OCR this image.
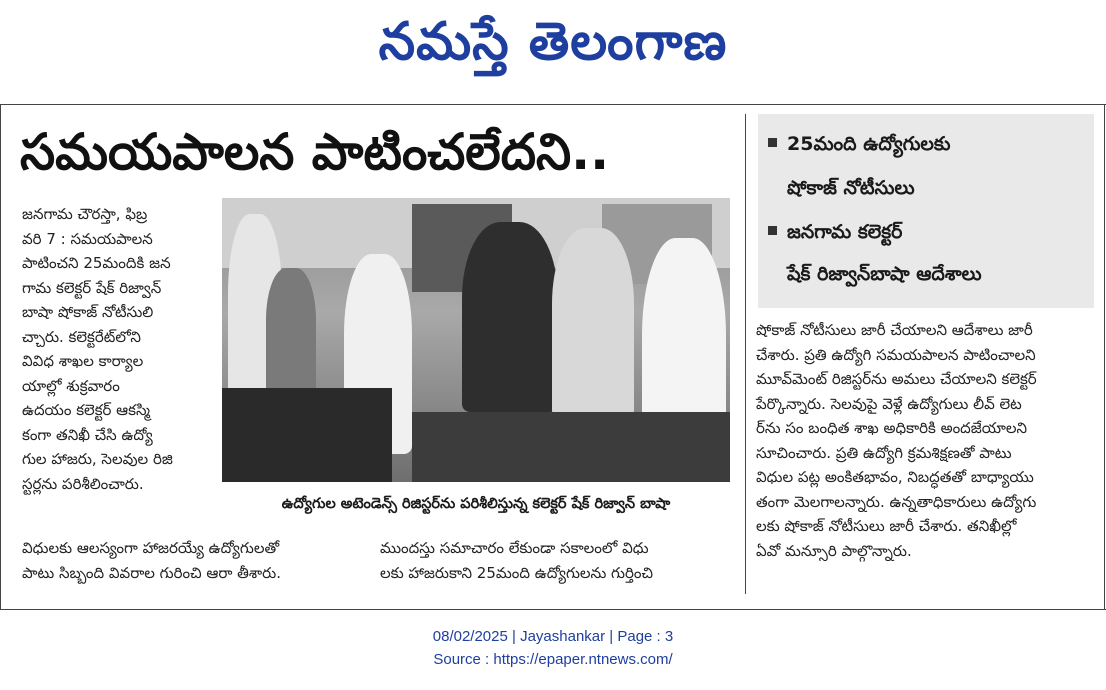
నమస్తే తెలంగాణ
సమయపాలన పాటించలేదని..	25మంది ఉద్యోగులకు
షోకాజ్ నోటీసులు
జనగామ కలెక్టర్
షేక్ రిజ్వాన్‌బాషా ఆదేశాలు

జనగామ చౌరస్తా, ఫిబ్ర

వరి 7 : సమయపాలన

పాటించని 25మందికి జన

గామ కలెక్టర్ షేక్ రిజ్వాన్

బాషా షోకాజ్ నోటీసులి

చ్చారు. కలెక్టరేట్‌లోని

వివిధ శాఖల కార్యాల

యాల్లో శుక్రవారం

ఉదయం కలెక్టర్ ఆకస్మి

కంగా తనిఖీ చేసి ఉద్యో

గుల హాజరు, సెలవుల రిజి

స్టర్లను పరిశీలించారు.

విధులకు ఆలస్యంగా హాజరయ్యే ఉద్యోగులతో

పాటు సిబ్బంది వివరాల గురించి ఆరా తీశారు.

ముందస్తు సమాచారం లేకుండా సకాలంలో విధు

లకు హాజరుకాని 25మంది ఉద్యోగులను గుర్తించి

షోకాజ్ నోటీసులు జారీ చేయాలని ఆదేశాలు జారీ

చేశారు. ప్రతి ఉద్యోగి సమయపాలన పాటించాలని

మూవ్‌మెంట్ రిజిస్టర్‌ను అమలు చేయాలని కలెక్టర్

పేర్కొన్నారు. సెలవుపై వెళ్లే ఉద్యోగులు లీవ్ లెట

ర్‌ను సం బంధిత శాఖ అధికారికి అందజేయాలని

సూచించారు. ప్రతి ఉద్యోగి క్రమశిక్షణతో పాటు

విధుల పట్ల అంకితభావం, నిబద్ధతతో బాధ్యాయు

తంగా మెలగాలన్నారు. ఉన్నతాధికారులు ఉద్యోగు

లకు షోకాజ్ నోటీసులు జారీ చేశారు. తనిఖీల్లో

ఏవో మన్సూరి పాల్గొన్నారు.

ఉద్యోగుల అటెండెన్స్ రిజిస్టర్‌ను పరిశీలిస్తున్న కలెక్టర్ షేక్ రిజ్వాన్ బాషా
08/02/2025 | Jayashankar | Page : 3
Source : https://epaper.ntnews.com/
